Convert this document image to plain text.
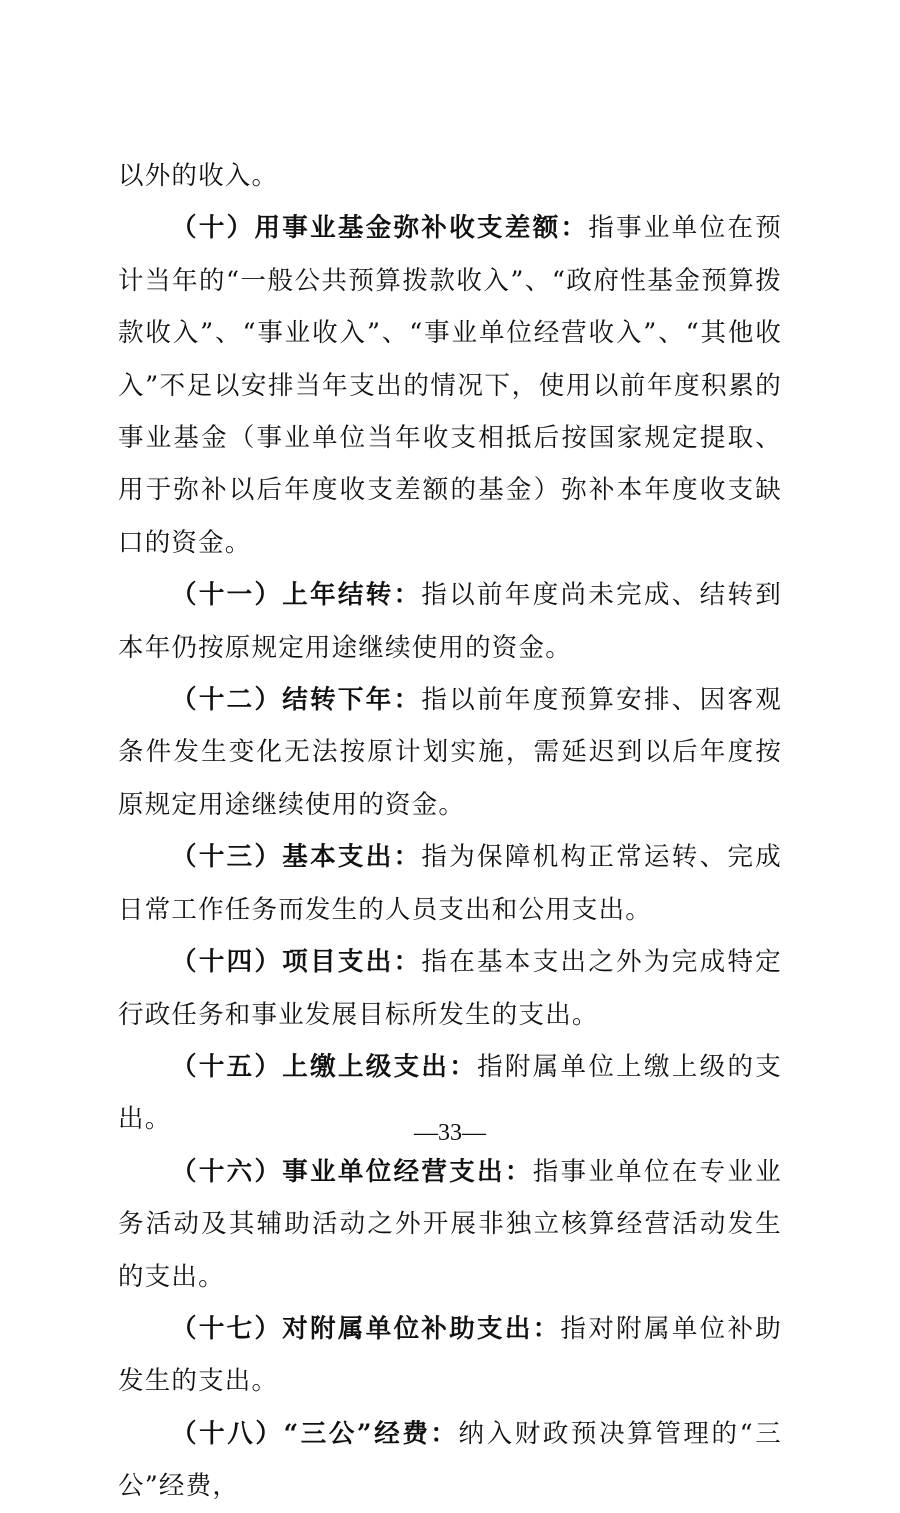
以外的收入。

（十）用事业基金弥补收支差额：指事业单位在预计当年的“一般公共预算拨款收入”、“政府性基金预算拨款收入”、“事业收入”、“事业单位经营收入”、“其他收入”不足以安排当年支出的情况下，使用以前年度积累的事业基金（事业单位当年收支相抵后按国家规定提取、用于弥补以后年度收支差额的基金）弥补本年度收支缺口的资金。

（十一）上年结转：指以前年度尚未完成、结转到本年仍按原规定用途继续使用的资金。

（十二）结转下年：指以前年度预算安排、因客观条件发生变化无法按原计划实施，需延迟到以后年度按原规定用途继续使用的资金。

（十三）基本支出：指为保障机构正常运转、完成日常工作任务而发生的人员支出和公用支出。

（十四）项目支出：指在基本支出之外为完成特定行政任务和事业发展目标所发生的支出。

（十五）上缴上级支出：指附属单位上缴上级的支出。

（十六）事业单位经营支出：指事业单位在专业业务活动及其辅助活动之外开展非独立核算经营活动发生的支出。

（十七）对附属单位补助支出：指对附属单位补助发生的支出。

（十八）“三公”经费：纳入财政预决算管理的“三公”经费，

—33—
